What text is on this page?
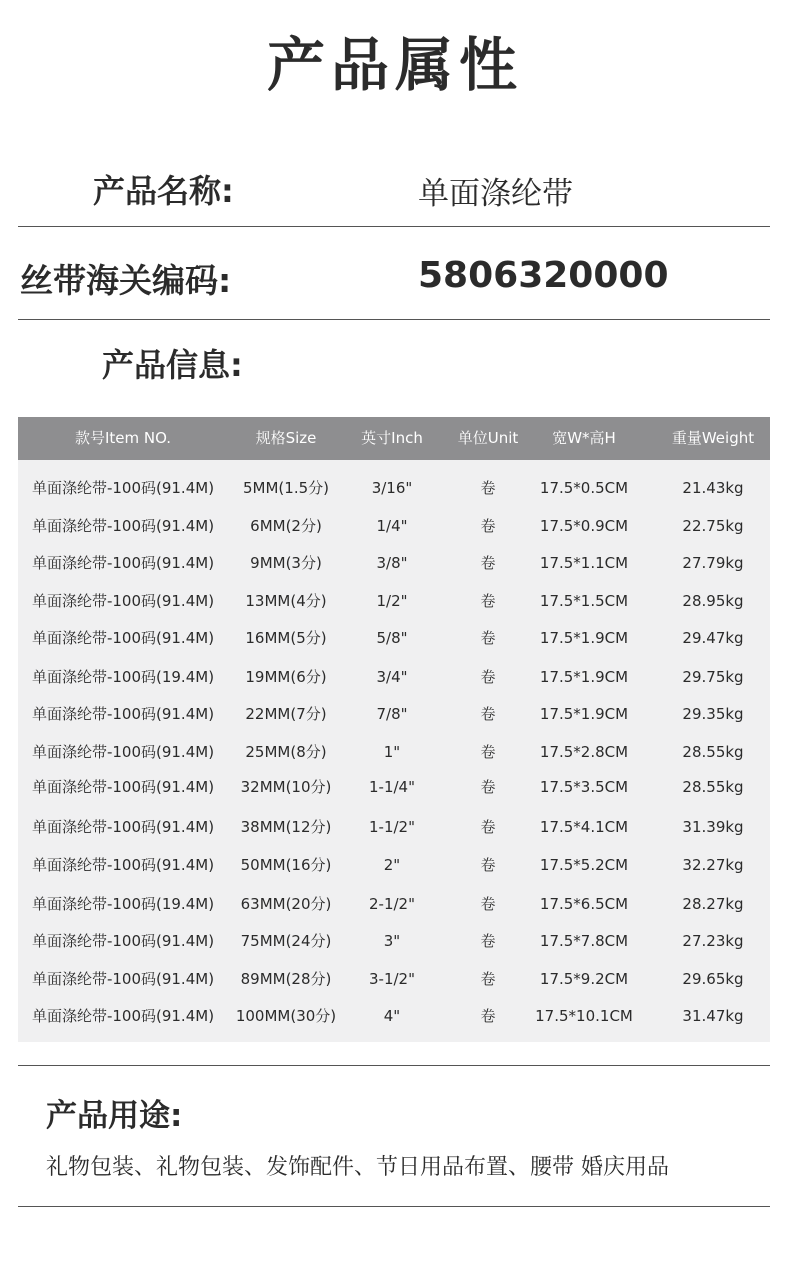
产品属性
产品名称:	单面涤纶带
丝带海关编码:	5806320000
产品信息:
款号Item NO.	规格Size	英寸Inch	单位Unit	宽W*高H	重量Weight
单面涤纶带-100码(91.4M)	5MM(1.5分)	3/16"	卷	17.5*0.5CM	21.43kg
单面涤纶带-100码(91.4M)	6MM(2分)	1/4"	卷	17.5*0.9CM	22.75kg
单面涤纶带-100码(91.4M)	9MM(3分)	3/8"	卷	17.5*1.1CM	27.79kg
单面涤纶带-100码(91.4M)	13MM(4分)	1/2"	卷	17.5*1.5CM	28.95kg
单面涤纶带-100码(91.4M)	16MM(5分)	5/8"	卷	17.5*1.9CM	29.47kg
单面涤纶带-100码(19.4M)	19MM(6分)	3/4"	卷	17.5*1.9CM	29.75kg
单面涤纶带-100码(91.4M)	22MM(7分)	7/8"	卷	17.5*1.9CM	29.35kg
单面涤纶带-100码(91.4M)	25MM(8分)	1"	卷	17.5*2.8CM	28.55kg
单面涤纶带-100码(91.4M)	32MM(10分)	1-1/4"	卷	17.5*3.5CM	28.55kg
单面涤纶带-100码(91.4M)	38MM(12分)	1-1/2"	卷	17.5*4.1CM	31.39kg
单面涤纶带-100码(91.4M)	50MM(16分)	2"	卷	17.5*5.2CM	32.27kg
单面涤纶带-100码(19.4M)	63MM(20分)	2-1/2"	卷	17.5*6.5CM	28.27kg
单面涤纶带-100码(91.4M)	75MM(24分)	3"	卷	17.5*7.8CM	27.23kg
单面涤纶带-100码(91.4M)	89MM(28分)	3-1/2"	卷	17.5*9.2CM	29.65kg
单面涤纶带-100码(91.4M)	100MM(30分)	4"	卷	17.5*10.1CM	31.47kg
产品用途:
礼物包装、礼物包装、发饰配件、节日用品布置、腰带 婚庆用品
